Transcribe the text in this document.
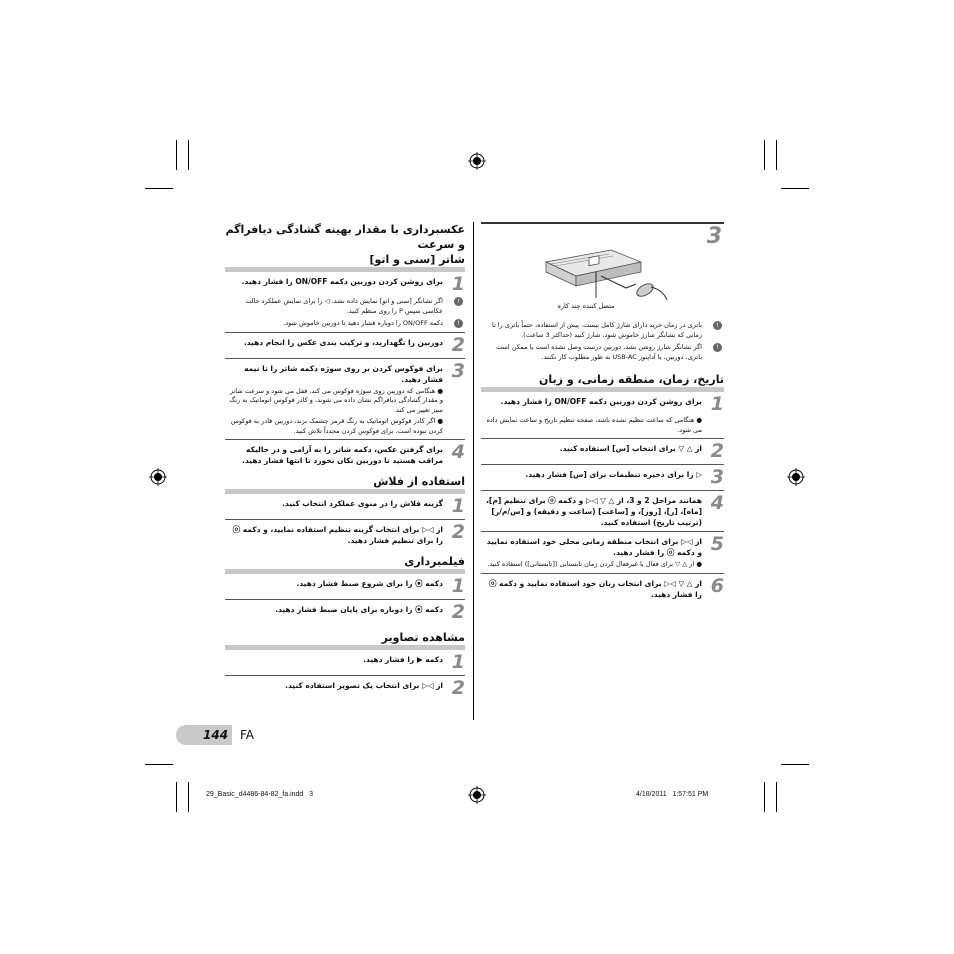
3
متصل کننده چند کاره
!
باتری در زمان خرید دارای شارژ کامل نیست. پیش از استفاده، حتماً باتری را تا زمانی که نشانگر شارژ خاموش شود، شارژ کنید (حداکثر 3 ساعت).
!
اگر نشانگر شارژ روشن نشد، دوربین درست وصل نشده است یا ممکن است باتری، دوربین، یا آداپتور USB-AC به طور مطلوب کار نکنند.
تاریخ، زمان، منطقه زمانی، و زبان
1
برای روشن کردن دوربین دکمه ON/OFF را فشار دهید.
● هنگامی که ساعت تنظیم نشده باشد، صفحه تنظیم تاریخ و ساعت نمایش داده می شود.
2
از △ ▽ برای انتخاب [س] استفاده کنید.
3
▷ را برای ذخیره تنظیمات برای [س] فشار دهید.
4
همانند مراحل 2 و 3، از △ ▽ ◁▷ و دکمه ⓞ برای تنظیم [م]، [ماه]، [ر]، [روز]، و [ساعت] (ساعت و دقیقه) و [س/م/ر] (ترتیب تاریخ) استفاده کنید.
5
از ◁▷ برای انتخاب منطقه زمانی محلی خود استفاده نمایید و دکمه ⓞ را فشار دهید.
● از △ ▽ برای فعال یا غیرفعال کردن زمان تابستانی ([تابستانی]) استفاده کنید.
6
از △ ▽ ◁▷ برای انتخاب زبان خود استفاده نمایید و دکمه ⓞ را فشار دهید.
عکسبرداری با مقدار بهینه گشادگی دیافراگم و سرعت
شاتر [سنی و اتو]
1
برای روشن کردن دوربین دکمه ON/OFF را فشار دهید.
!
اگر نشانگر [سنی و اتو] نمایش داده نشد، ◁ را برای نمایش عملکرد حالت عکاسی سپس P را روی منظم کنید.
!
دکمه ON/OFF را دوباره فشار دهید تا دوربین خاموش شود.
2
دوربین را نگهدارید، و ترکیب بندی عکس را انجام دهید.
3
برای فوکوس کردن بر روی سوژه دکمه شاتر را تا نیمه فشار دهید.
● هنگامی که دوربین روی سوژه فوکوس می کند، قفل می شود و سرعت شاتر و مقدار گشادگی دیافراگم نشان داده می شوند، و کادر فوکوس اتوماتیک به رنگ سبز تغییر می کند.
● اگر کادر فوکوس اتوماتیک به رنگ قرمز چشمک بزند، دوربین قادر به فوکوس کردن نبوده است. برای فوکوس کردن مجدداً تلاش کنید.
4
برای گرفتن عکس، دکمه شاتر را به آرامی و در حالیکه مراقب هستید تا دوربین تکان نخورد تا انتها فشار دهید.
استفاده از فلاش
1
گزینه فلاش را در منوی عملکرد انتخاب کنید.
2
از ◁▷ برای انتخاب گزینه تنظیم استفاده نمایید، و دکمه ⓞ را برای تنظیم فشار دهید.
فیلمبرداری
1
دکمه ⦿ را برای شروع ضبط فشار دهید.
2
دکمه ⦿ را دوباره برای پایان ضبط فشار دهید.
مشاهده تصاویر
1
دکمه ▶ را فشار دهید.
2
از ◁▷ برای انتخاب یک تصویر استفاده کنید.
144 FA
29_Basic_d4486-84-82_fa.indd   3	4/18/2011   1:57:51 PM
